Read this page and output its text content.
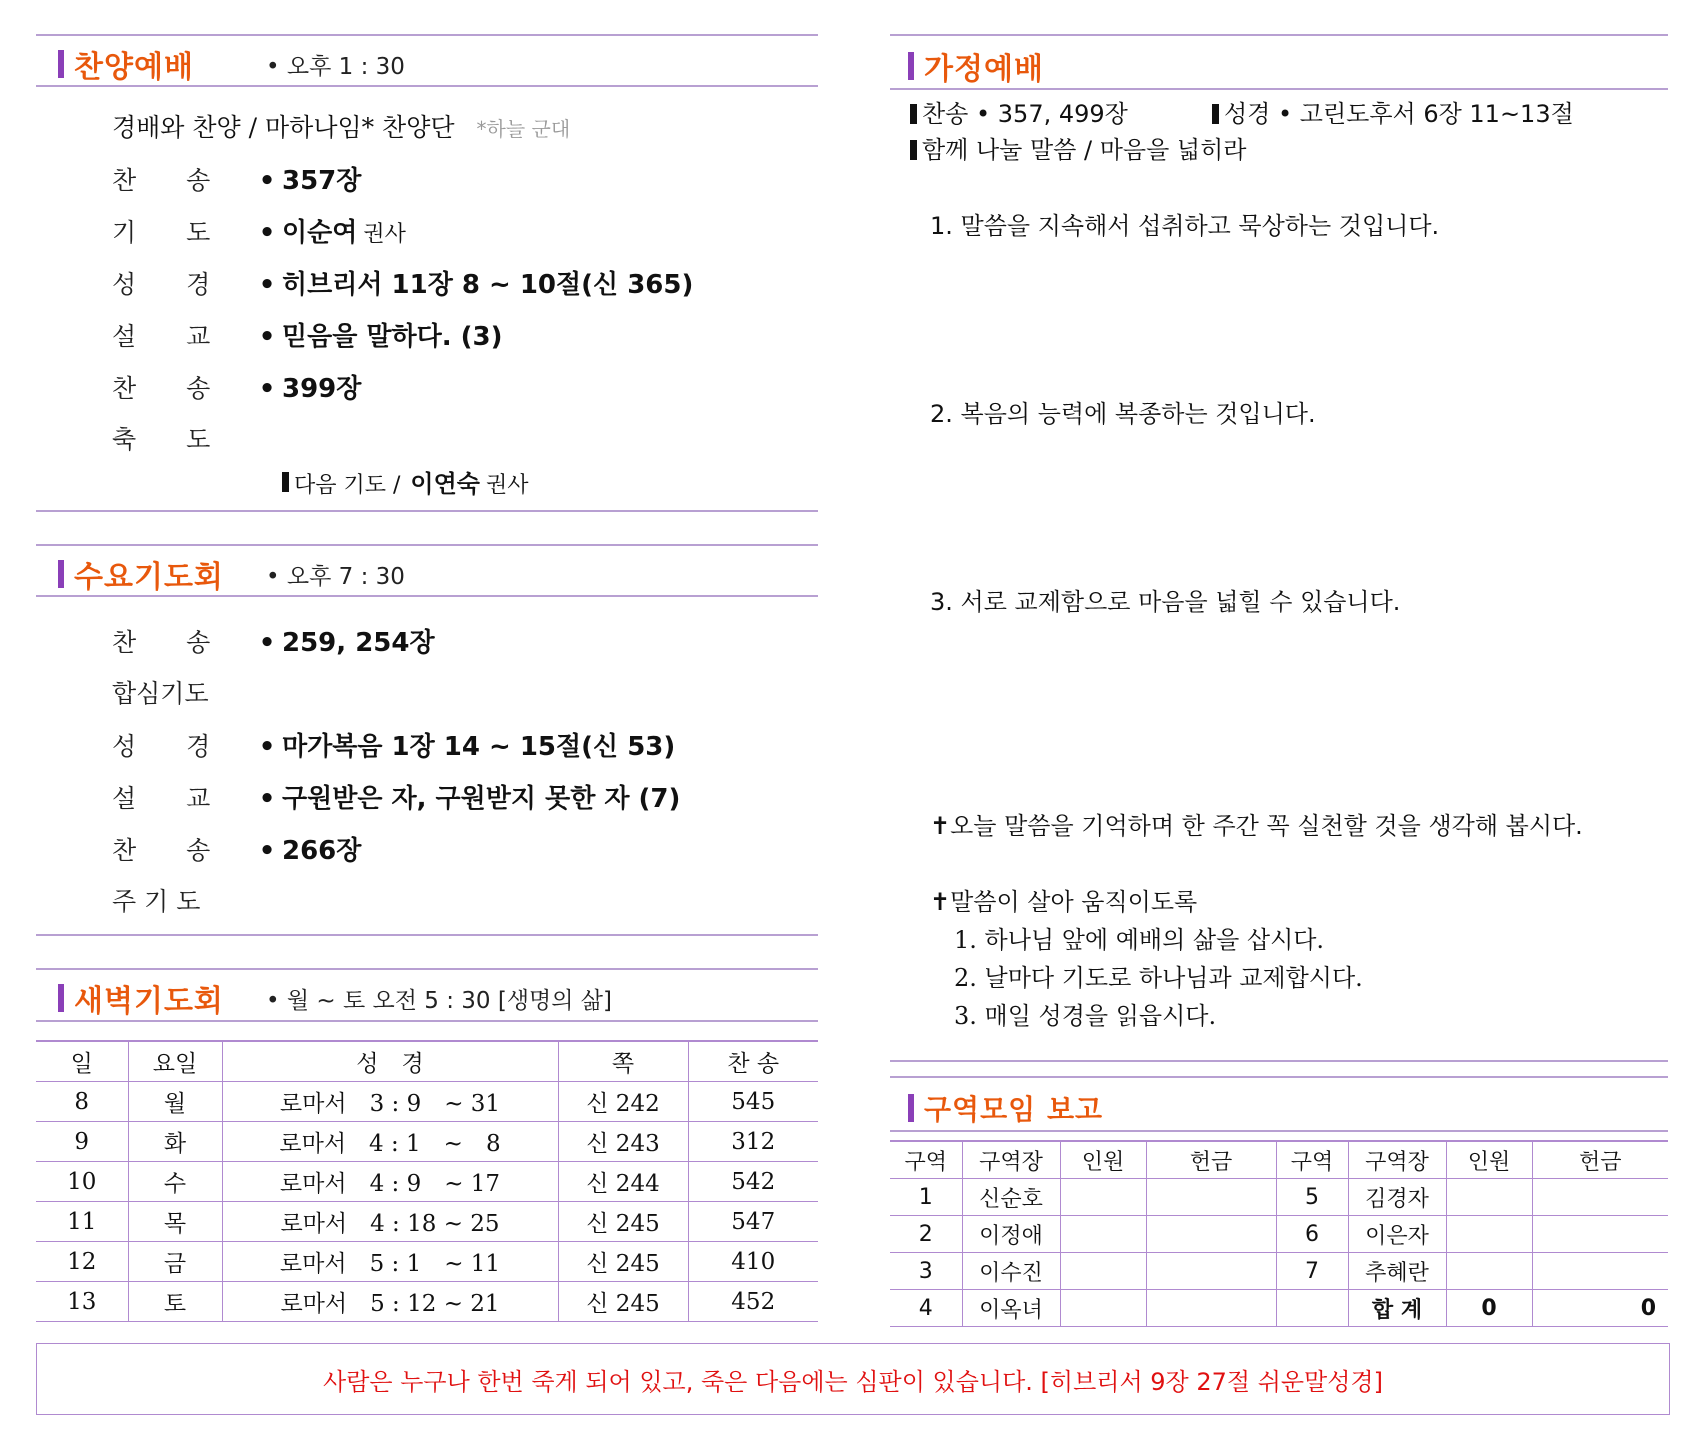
찬양예배	• 오후 1 : 30
경배와 찬양 / 마하나임* 찬양단 *하늘 군대
찬　　송	• 357장
기　　도	• 이순여 권사
성　　경	• 히브리서 11장 8 ~ 10절(신 365)
설　　교	• 믿음을 말하다. (3)
찬　　송	• 399장
축　　도
다음 기도 / 이연숙 권사
수요기도회 • 오후 7 : 30
찬　　송	• 259, 254장
합심기도
성　　경	• 마가복음 1장 14 ~ 15절(신 53)
설　　교	• 구원받은 자, 구원받지 못한 자 (7)
찬　　송	• 266장
주 기 도
새벽기도회 • 월 ~ 토 오전 5 : 30 [생명의 삶]
일	요일	성　경	쪽	찬 송
8	월	로마서　3 : 9　~ 31	신 242	545
9	화	로마서　4 : 1　~　8	신 243	312
10	수	로마서　4 : 9　~ 17	신 244	542
11	목	로마서　4 : 18 ~ 25	신 245	547
12	금	로마서　5 : 1　~ 11	신 245	410
13	토	로마서　5 : 12 ~ 21	신 245	452
가정예배
찬송 • 357, 499장	성경 • 고린도후서 6장 11~13절
함께 나눌 말씀 / 마음을 넓히라
1. 말씀을 지속해서 섭취하고 묵상하는 것입니다.
2. 복음의 능력에 복종하는 것입니다.
3. 서로 교제함으로 마음을 넓힐 수 있습니다.
✝오늘 말씀을 기억하며 한 주간 꼭 실천할 것을 생각해 봅시다.
✝말씀이 살아 움직이도록
1. 하나님 앞에 예배의 삶을 삽시다.
2. 날마다 기도로 하나님과 교제합시다.
3. 매일 성경을 읽읍시다.
구역모임 보고
구역	구역장	인원	헌금	구역	구역장	인원	헌금
1	신순호			5	김경자		
2	이정애			6	이은자		
3	이수진			7	추혜란		
4	이옥녀				합 계	0	0
사람은 누구나 한번 죽게 되어 있고, 죽은 다음에는 심판이 있습니다. [히브리서 9장 27절 쉬운말성경]
